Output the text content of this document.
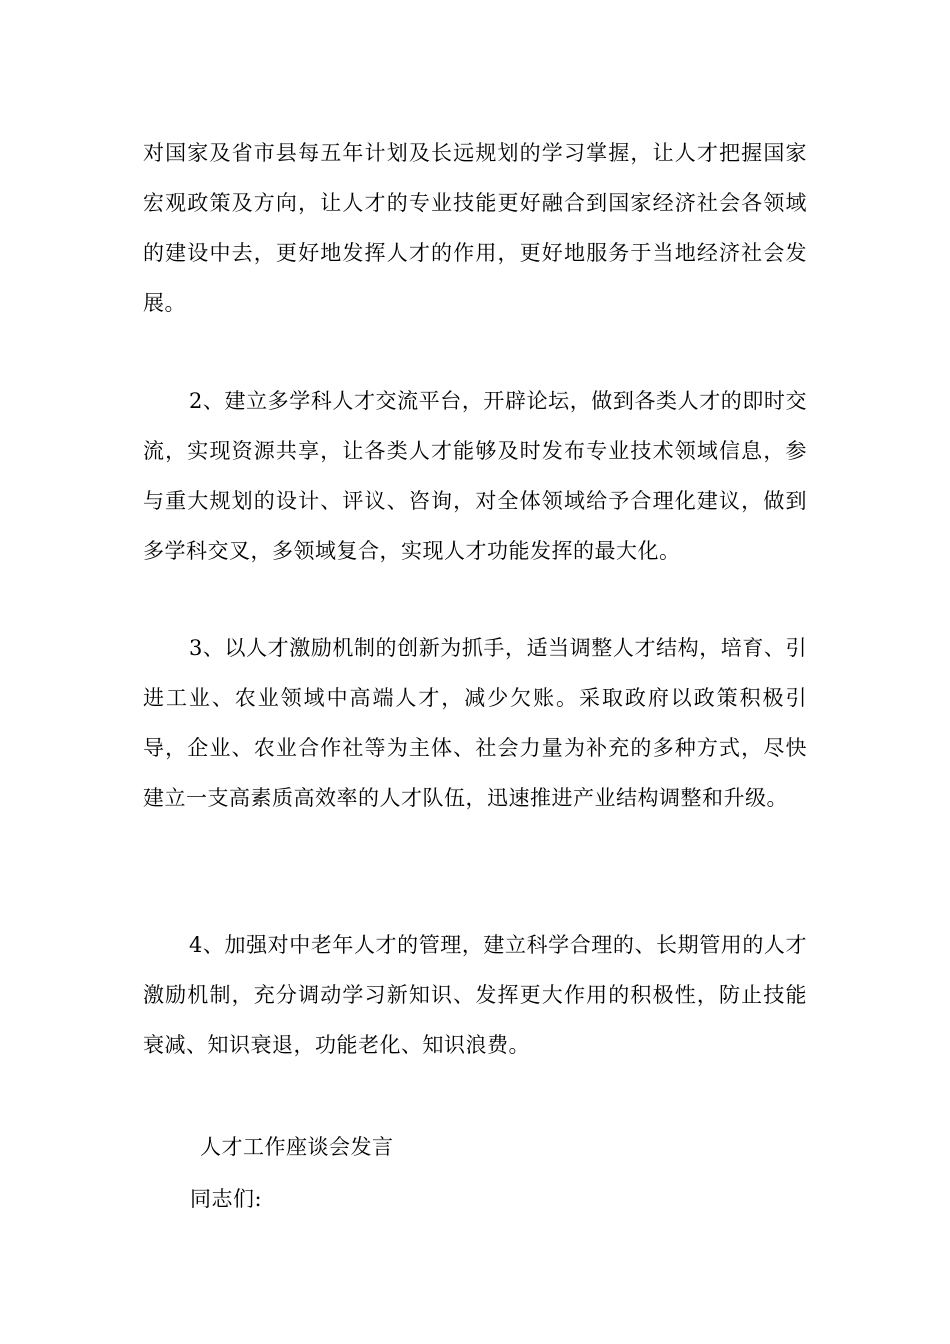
对国家及省市县每五年计划及长远规划的学习掌握，让人才把握国家宏观政策及方向，让人才的专业技能更好融合到国家经济社会各领域的建设中去，更好地发挥人才的作用，更好地服务于当地经济社会发展。

2、建立多学科人才交流平台，开辟论坛，做到各类人才的即时交流，实现资源共享，让各类人才能够及时发布专业技术领域信息，参与重大规划的设计、评议、咨询，对全体领域给予合理化建议，做到多学科交叉，多领域复合，实现人才功能发挥的最大化。

3、以人才激励机制的创新为抓手，适当调整人才结构，培育、引进工业、农业领域中高端人才，减少欠账。采取政府以政策积极引导，企业、农业合作社等为主体、社会力量为补充的多种方式，尽快建立一支高素质高效率的人才队伍，迅速推进产业结构调整和升级。

4、加强对中老年人才的管理，建立科学合理的、长期管用的人才激励机制，充分调动学习新知识、发挥更大作用的积极性，防止技能衰减、知识衰退，功能老化、知识浪费。

人才工作座谈会发言
同志们:
